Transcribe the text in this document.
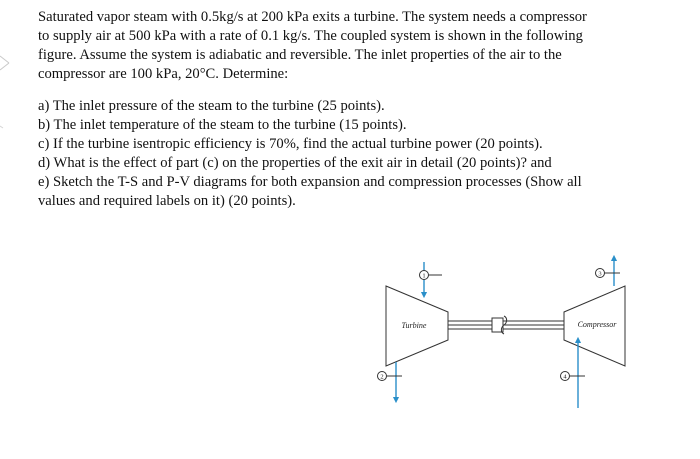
Saturated vapor steam with 0.5kg/s at 200 kPa exits a turbine. The system needs a compressor
to supply air at 500 kPa with a rate of 0.1 kg/s. The coupled system is shown in the following
figure. Assume the system is adiabatic and reversible. The inlet properties of the air to the
compressor are 100 kPa, 20°C. Determine:
a) The inlet pressure of the steam to the turbine (25 points).
b) The inlet temperature of the steam to the turbine (15 points).
c) If the turbine isentropic efficiency is 70%, find the actual turbine power (20 points).
d) What is the effect of part (c) on the properties of the exit air in detail (20 points)? and
e) Sketch the T-S and P-V diagrams for both expansion and compression processes (Show all
values and required labels on it) (20 points).
Turbine	Compressor
1
2
3
4
